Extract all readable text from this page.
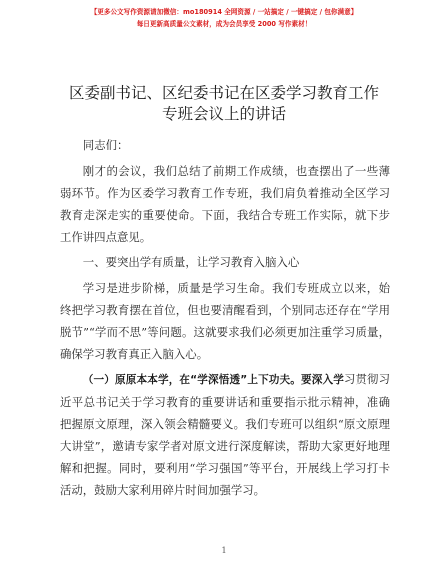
【更多公文写作资源请加微信：mo180914 全网资源 / 一站搞定 / 一键搞定 / 包你满意】
每日更新高质量公文素材，成为会员享受 2000 写作素材！
区委副书记、区纪委书记在区委学习教育工作
专班会议上的讲话

同志们：

刚才的会议，我们总结了前期工作成绩，也查摆出了一些薄弱环节。作为区委学习教育工作专班，我们肩负着推动全区学习教育走深走实的重要使命。下面，我结合专班工作实际，就下步工作讲四点意见。

一、要突出学有质量，让学习教育入脑入心

学习是进步阶梯，质量是学习生命。我们专班成立以来，始终把学习教育摆在首位，但也要清醒看到，个别同志还存在“学用脱节”“学而不思”等问题。这就要求我们必须更加注重学习质量，确保学习教育真正入脑入心。

（一）原原本本学，在“学深悟透”上下功夫。要深入学习贯彻习近平总书记关于学习教育的重要讲话和重要指示批示精神，准确把握原文原理，深入领会精髓要义。我们专班可以组织“原文原理大讲堂”，邀请专家学者对原文进行深度解读，帮助大家更好地理解和把握。同时，要利用“学习强国”等平台，开展线上学习打卡活动，鼓励大家利用碎片时间加强学习。

1
